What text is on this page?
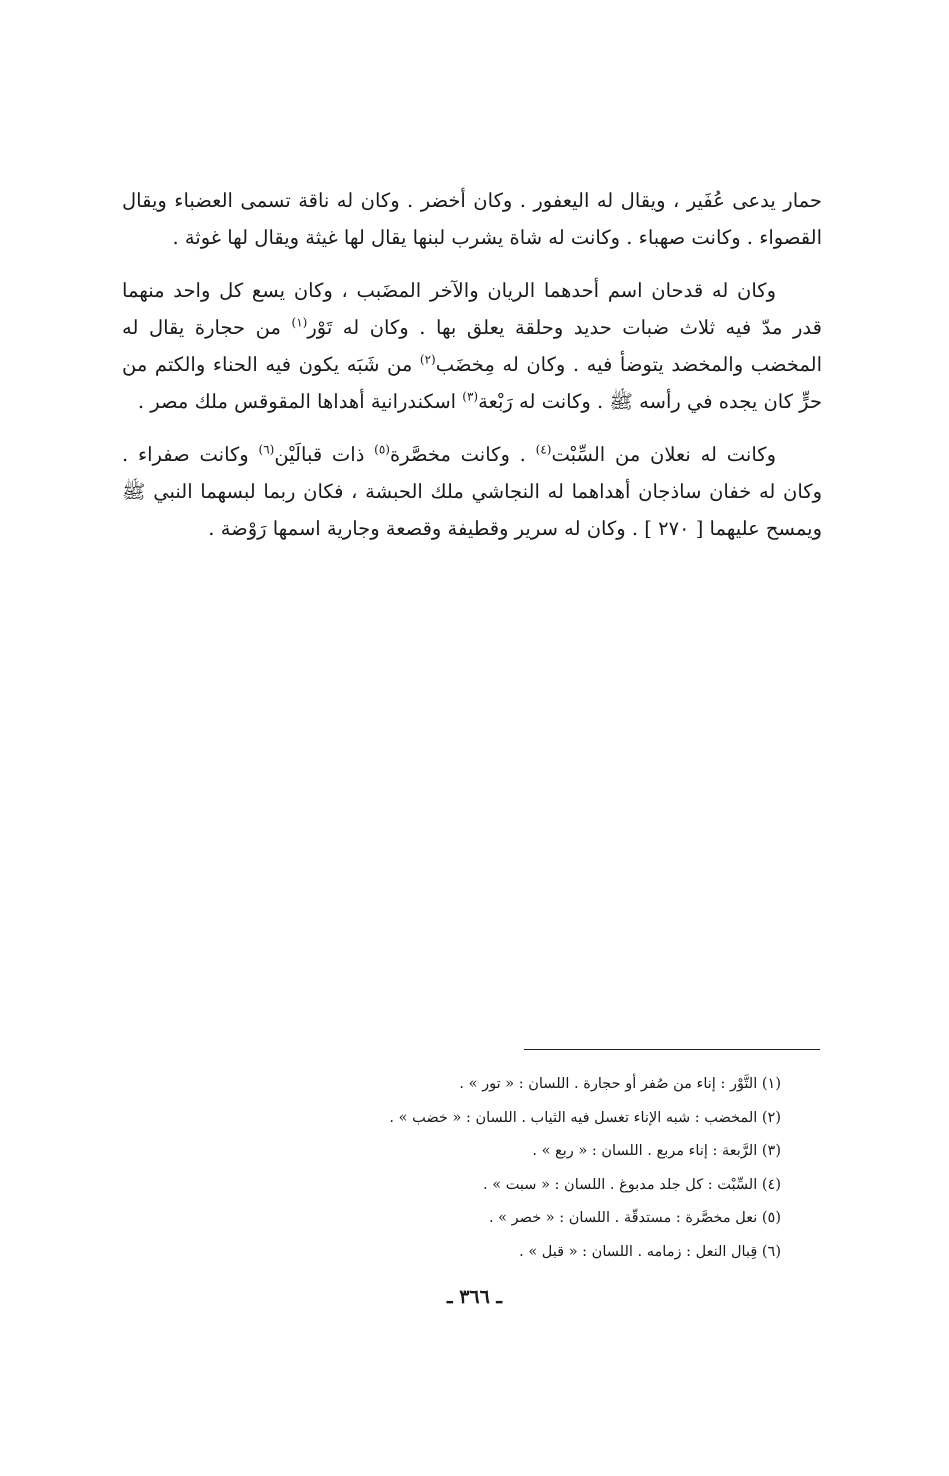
حمار يدعى عُفَير ، ويقال له اليعفور . وكان أخضر . وكان له ناقة تسمى العضباء ويقال القصواء . وكانت صهباء . وكانت له شاة يشرب لبنها يقال لها غيثة ويقال لها غوثة .

وكان له قدحان اسم أحدهما الريان والآخر المضَبب ، وكان يسع كل واحد منهما قدر مدّ فيه ثلاث ضبات حديد وحلقة يعلق بها . وكان له تَوْر$^{(١)}$ من حجارة يقال له المخضب والمخضد يتوضأ فيه . وكان له مِخضَب$^{(٢)}$ من شَبَه يكون فيه الحناء والكتم من حرٍّ كان يجده في رأسه ﷺ . وكانت له رَبْعة$^{(٣)}$ اسكندرانية أهداها المقوقس ملك مصر .

وكانت له نعلان من السِّبْت$^{(٤)}$ . وكانت مخصَّرة$^{(٥)}$ ذات قبالَيْن$^{(٦)}$ وكانت صفراء . وكان له خفان ساذجان أهداهما له النجاشي ملك الحبشة ، فكان ربما لبسهما النبي ﷺ ويمسح عليهما [ ٢٧٠ ] . وكان له سرير وقطيفة وقصعة وجارية اسمها رَوْضة .

(١) التَّوْر : إناء من صُفر أو حجارة . اللسان : « تور » .
(٢) المخضب : شبه الإناء تغسل فيه الثياب . اللسان : « خضب » .
(٣) الرَّبعة : إناء مربع . اللسان : « ربع » .
(٤) السِّبْت : كل جلد مدبوغ . اللسان : « سبت » .
(٥) نعل مخصَّرة : مستدقّة . اللسان : « خصر » .
(٦) قِبال النعل : زمامه . اللسان : « قبل » .
ـ ٣٦٦ ـ
